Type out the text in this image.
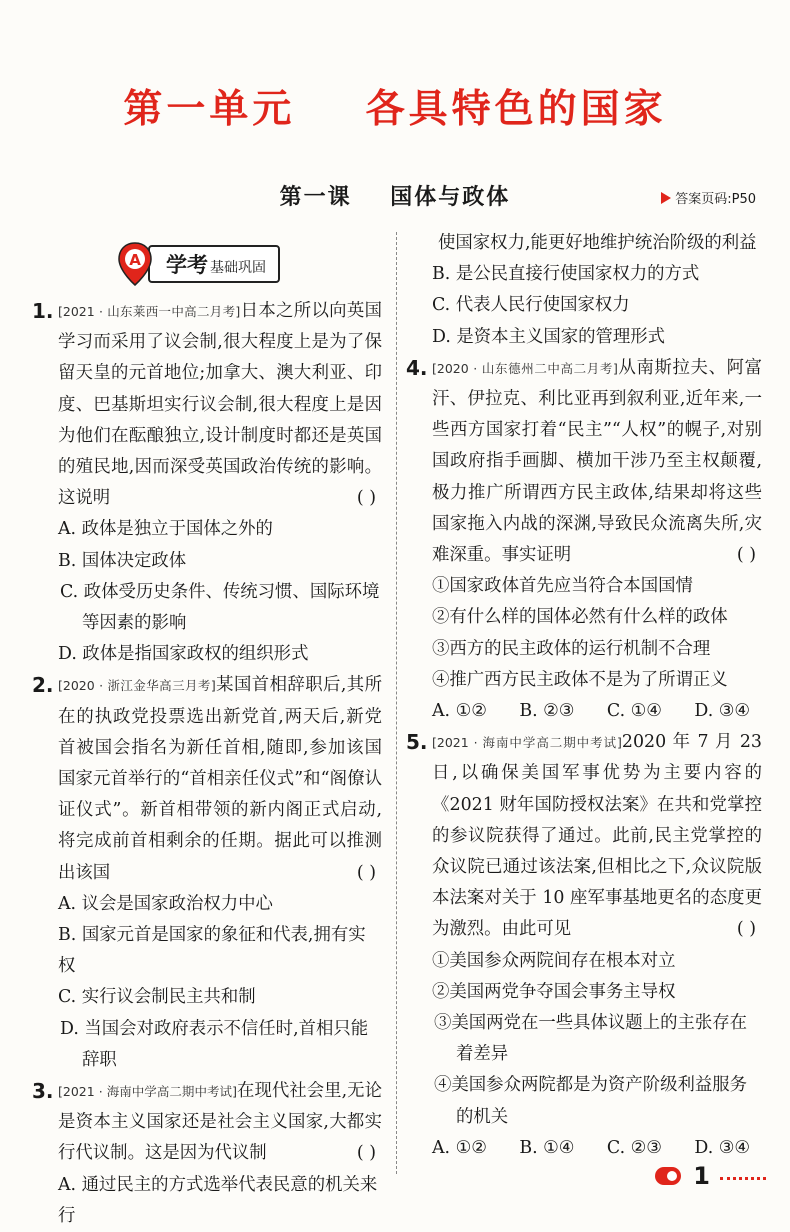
第一单元    各具特色的国家
第一课    国体与政体	答案页码:P50
A 学考 基础巩固
1. [2021 · 山东莱西一中高二月考]日本之所以向英国学习而采用了议会制,很大程度上是为了保留天皇的元首地位;加拿大、澳大利亚、印度、巴基斯坦实行议会制,很大程度上是因为他们在酝酿独立,设计制度时都还是英国的殖民地,因而深受英国政治传统的影响。这说明	( )
A. 政体是独立于国体之外的
B. 国体决定政体
C. 政体受历史条件、传统习惯、国际环境等因素的影响
D. 政体是指国家政权的组织形式
2. [2020 · 浙江金华高三月考]某国首相辞职后,其所在的执政党投票选出新党首,两天后,新党首被国会指名为新任首相,随即,参加该国国家元首举行的“首相亲任仪式”和“阁僚认证仪式”。新首相带领的新内阁正式启动,将完成前首相剩余的任期。据此可以推测出该国	( )
A. 议会是国家政治权力中心
B. 国家元首是国家的象征和代表,拥有实权
C. 实行议会制民主共和制
D. 当国会对政府表示不信任时,首相只能辞职
3. [2021 · 海南中学高二期中考试]在现代社会里,无论是资本主义国家还是社会主义国家,大都实行代议制。这是因为代议制	( )
A. 通过民主的方式选举代表民意的机关来行
使国家权力,能更好地维护统治阶级的利益
B. 是公民直接行使国家权力的方式
C. 代表人民行使国家权力
D. 是资本主义国家的管理形式
4. [2020 · 山东德州二中高二月考]从南斯拉夫、阿富汗、伊拉克、利比亚再到叙利亚,近年来,一些西方国家打着“民主”“人权”的幌子,对别国政府指手画脚、横加干涉乃至主权颠覆,极力推广所谓西方民主政体,结果却将这些国家拖入内战的深渊,导致民众流离失所,灾难深重。事实证明	( )
①国家政体首先应当符合本国国情
②有什么样的国体必然有什么样的政体
③西方的民主政体的运行机制不合理
④推广西方民主政体不是为了所谓正义
A. ①② B. ②③ C. ①④ D. ③④
5. [2021 · 海南中学高二期中考试]2020 年 7 月 23 日,以确保美国军事优势为主要内容的《2021 财年国防授权法案》在共和党掌控的参议院获得了通过。此前,民主党掌控的众议院已通过该法案,但相比之下,众议院版本法案对关于 10 座军事基地更名的态度更为激烈。由此可见	( )
①美国参众两院间存在根本对立
②美国两党争夺国会事务主导权
③美国两党在一些具体议题上的主张存在着差异
④美国参众两院都是为资产阶级利益服务的机关
A. ①② B. ①④ C. ②③ D. ③④
1
